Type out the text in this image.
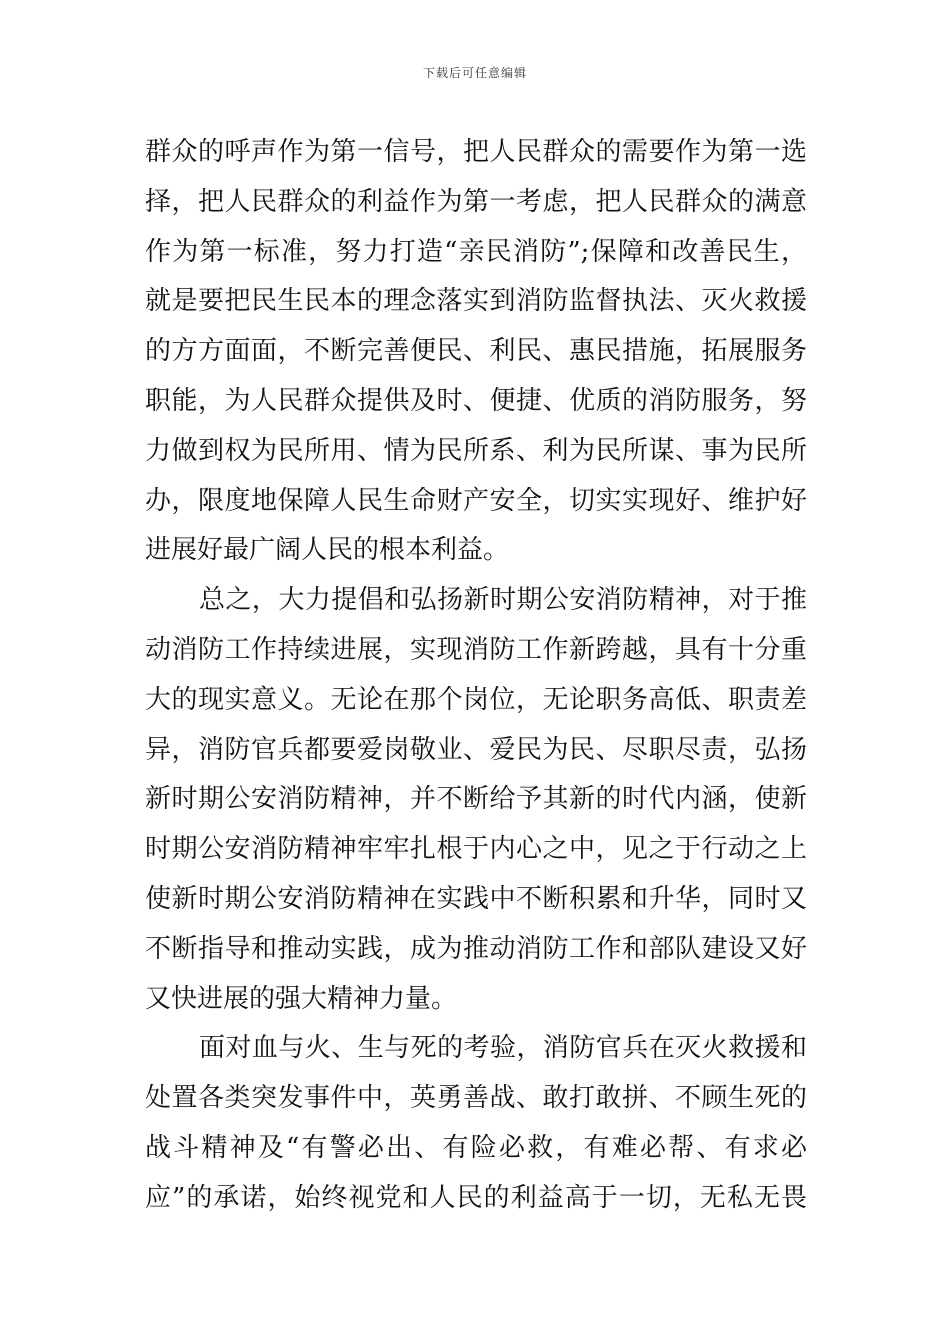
下载后可任意编辑
群众的呼声作为第一信号，把人民群众的需要作为第一选
择，把人民群众的利益作为第一考虑，把人民群众的满意
作为第一标准，努力打造“亲民消防”;保障和改善民生，
就是要把民生民本的理念落实到消防监督执法、灭火救援
的方方面面，不断完善便民、利民、惠民措施，拓展服务
职能，为人民群众提供及时、便捷、优质的消防服务，努
力做到权为民所用、情为民所系、利为民所谋、事为民所
办，限度地保障人民生命财产安全，切实实现好、维护好
进展好最广阔人民的根本利益。
总之，大力提倡和弘扬新时期公安消防精神，对于推
动消防工作持续进展，实现消防工作新跨越，具有十分重
大的现实意义。无论在那个岗位，无论职务高低、职责差
异，消防官兵都要爱岗敬业、爱民为民、尽职尽责，弘扬
新时期公安消防精神，并不断给予其新的时代内涵，使新
时期公安消防精神牢牢扎根于内心之中，见之于行动之上
使新时期公安消防精神在实践中不断积累和升华，同时又
不断指导和推动实践，成为推动消防工作和部队建设又好
又快进展的强大精神力量。
面对血与火、生与死的考验，消防官兵在灭火救援和
处置各类突发事件中，英勇善战、敢打敢拼、不顾生死的
战斗精神及“有警必出、有险必救，有难必帮、有求必
应”的承诺，始终视党和人民的利益高于一切，无私无畏
